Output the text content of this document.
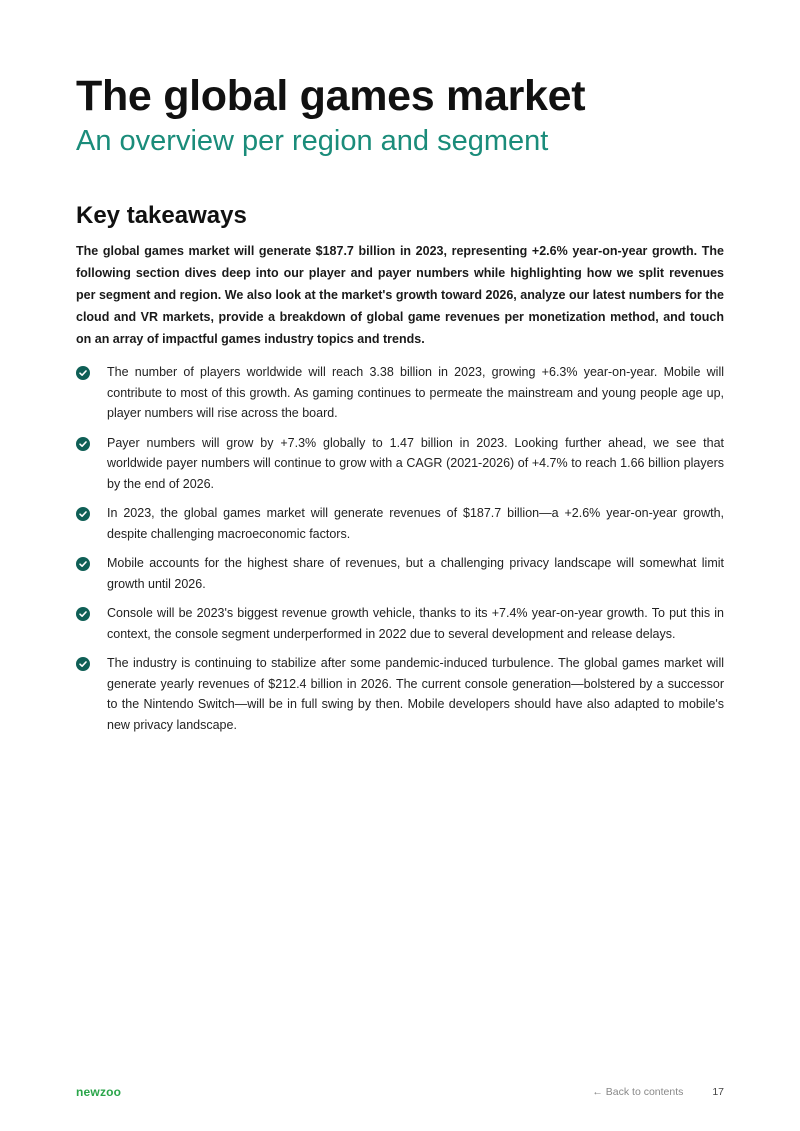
The global games market
An overview per region and segment
Key takeaways

The global games market will generate $187.7 billion in 2023, representing +2.6% year-on-year growth. The following section dives deep into our player and payer numbers while highlighting how we split revenues per segment and region. We also look at the market's growth toward 2026, analyze our latest numbers for the cloud and VR markets, provide a breakdown of global game revenues per monetization method, and touch on an array of impactful games industry topics and trends.

The number of players worldwide will reach 3.38 billion in 2023, growing +6.3% year-on-year. Mobile will contribute to most of this growth. As gaming continues to permeate the mainstream and young people age up, player numbers will rise across the board.
Payer numbers will grow by +7.3% globally to 1.47 billion in 2023. Looking further ahead, we see that worldwide payer numbers will continue to grow with a CAGR (2021-2026) of +4.7% to reach 1.66 billion players by the end of 2026.
In 2023, the global games market will generate revenues of $187.7 billion—a +2.6% year-on-year growth, despite challenging macroeconomic factors.
Mobile accounts for the highest share of revenues, but a challenging privacy landscape will somewhat limit growth until 2026.
Console will be 2023's biggest revenue growth vehicle, thanks to its +7.4% year-on-year growth. To put this in context, the console segment underperformed in 2022 due to several development and release delays.
The industry is continuing to stabilize after some pandemic-induced turbulence. The global games market will generate yearly revenues of $212.4 billion in 2026. The current console generation—bolstered by a successor to the Nintendo Switch—will be in full swing by then. Mobile developers should have also adapted to mobile's new privacy landscape.
newzoo	← Back to contents	17
